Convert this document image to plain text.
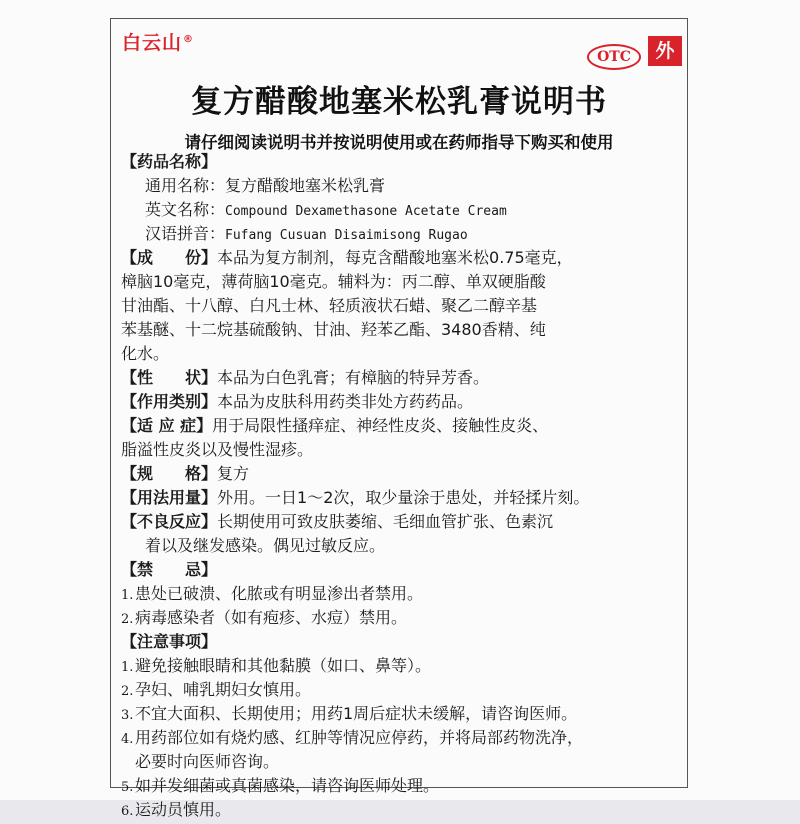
白云山®
OTC	外
复方醋酸地塞米松乳膏说明书
请仔细阅读说明书并按说明使用或在药师指导下购买和使用
【药品名称】
通用名称：复方醋酸地塞米松乳膏
英文名称：Compound Dexamethasone Acetate Cream
汉语拼音：Fufang Cusuan Disaimisong Rugao
【成　　份】本品为复方制剂，每克含醋酸地塞米松0.75毫克，
樟脑10毫克，薄荷脑10毫克。辅料为：丙二醇、单双硬脂酸
甘油酯、十八醇、白凡士林、轻质液状石蜡、聚乙二醇辛基
苯基醚、十二烷基硫酸钠、甘油、羟苯乙酯、3480香精、纯
化水。
【性　　状】本品为白色乳膏；有樟脑的特异芳香。
【作用类别】本品为皮肤科用药类非处方药药品。
【适 应 症】用于局限性搔痒症、神经性皮炎、接触性皮炎、
脂溢性皮炎以及慢性湿疹。
【规　　格】复方
【用法用量】外用。一日1～2次，取少量涂于患处，并轻揉片刻。
【不良反应】长期使用可致皮肤萎缩、毛细血管扩张、色素沉
着以及继发感染。偶见过敏反应。
【禁　　忌】
1.患处已破溃、化脓或有明显渗出者禁用。
2.病毒感染者（如有疱疹、水痘）禁用。
【注意事项】
1.避免接触眼睛和其他黏膜（如口、鼻等）。
2.孕妇、哺乳期妇女慎用。
3.不宜大面积、长期使用；用药1周后症状未缓解，请咨询医师。
4.用药部位如有烧灼感、红肿等情况应停药，并将局部药物洗净，
必要时向医师咨询。
5.如并发细菌或真菌感染，请咨询医师处理。
6.运动员慎用。
